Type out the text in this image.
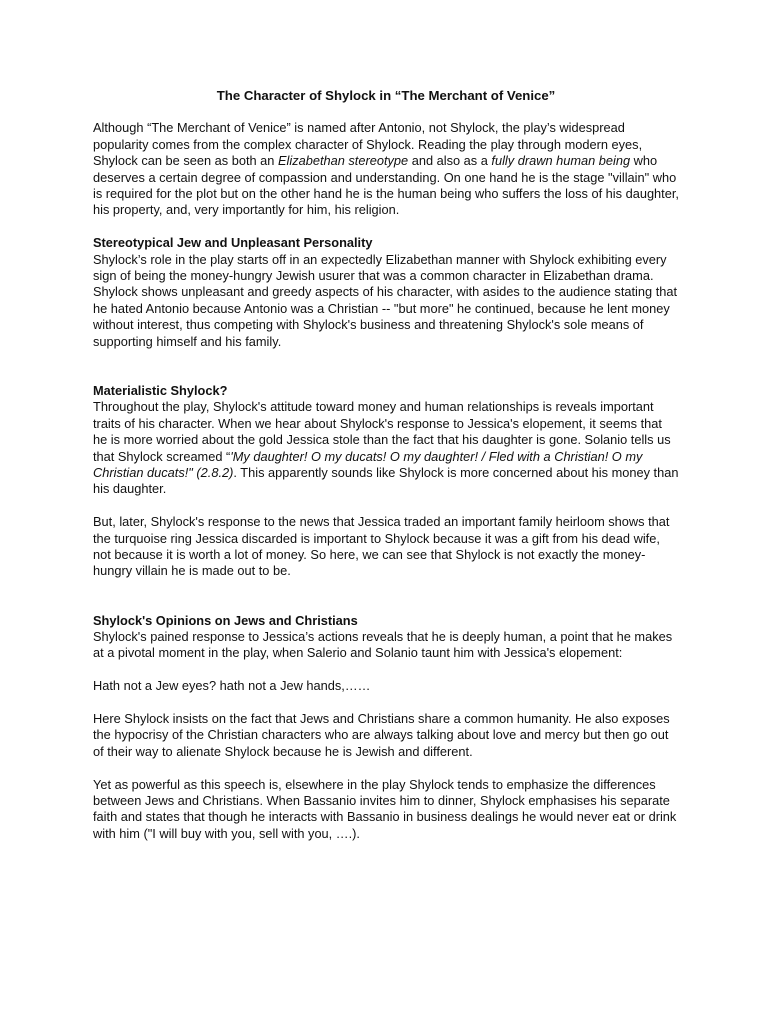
The Character of Shylock in “The Merchant of Venice”

Although “The Merchant of Venice” is named after Antonio, not Shylock, the play’s widespread popularity comes from the complex character of Shylock. Reading the play through modern eyes, Shylock can be seen as both an Elizabethan stereotype and also as a fully drawn human being who deserves a certain degree of compassion and understanding. On one hand he is the stage "villain" who is required for the plot but on the other hand he is the human being who suffers the loss of his daughter, his property, and, very importantly for him, his religion.

Stereotypical Jew and Unpleasant Personality

Shylock’s role in the play starts off in an expectedly Elizabethan manner with Shylock exhibiting every sign of being the money-hungry Jewish usurer that was a common character in Elizabethan drama. Shylock shows unpleasant and greedy aspects of his character, with asides to the audience stating that he hated Antonio because Antonio was a Christian -- "but more" he continued, because he lent money without interest, thus competing with Shylock's business and threatening Shylock's sole means of supporting himself and his family.

Materialistic Shylock?

Throughout the play, Shylock's attitude toward money and human relationships is reveals important traits of his character. When we hear about Shylock's response to Jessica's elopement, it seems that he is more worried about the gold Jessica stole than the fact that his daughter is gone. Solanio tells us that Shylock screamed “'My daughter! O my ducats! O my daughter! / Fled with a Christian! O my Christian ducats!" (2.8.2). This apparently sounds like Shylock is more concerned about his money than his daughter.

But, later, Shylock's response to the news that Jessica traded an important family heirloom shows that the turquoise ring Jessica discarded is important to Shylock because it was a gift from his dead wife, not because it is worth a lot of money. So here, we can see that Shylock is not exactly the money-hungry villain he is made out to be.

Shylock's Opinions on Jews and Christians

Shylock's pained response to Jessica’s actions reveals that he is deeply human, a point that he makes at a pivotal moment in the play, when Salerio and Solanio taunt him with Jessica's elopement:

Hath not a Jew eyes? hath not a Jew hands,……

Here Shylock insists on the fact that Jews and Christians share a common humanity. He also exposes the hypocrisy of the Christian characters who are always talking about love and mercy but then go out of their way to alienate Shylock because he is Jewish and different.

Yet as powerful as this speech is, elsewhere in the play Shylock tends to emphasize the differences between Jews and Christians. When Bassanio invites him to dinner, Shylock emphasises his separate faith and states that though he interacts with Bassanio in business dealings he would never eat or drink with him ("I will buy with you, sell with you, ….).
